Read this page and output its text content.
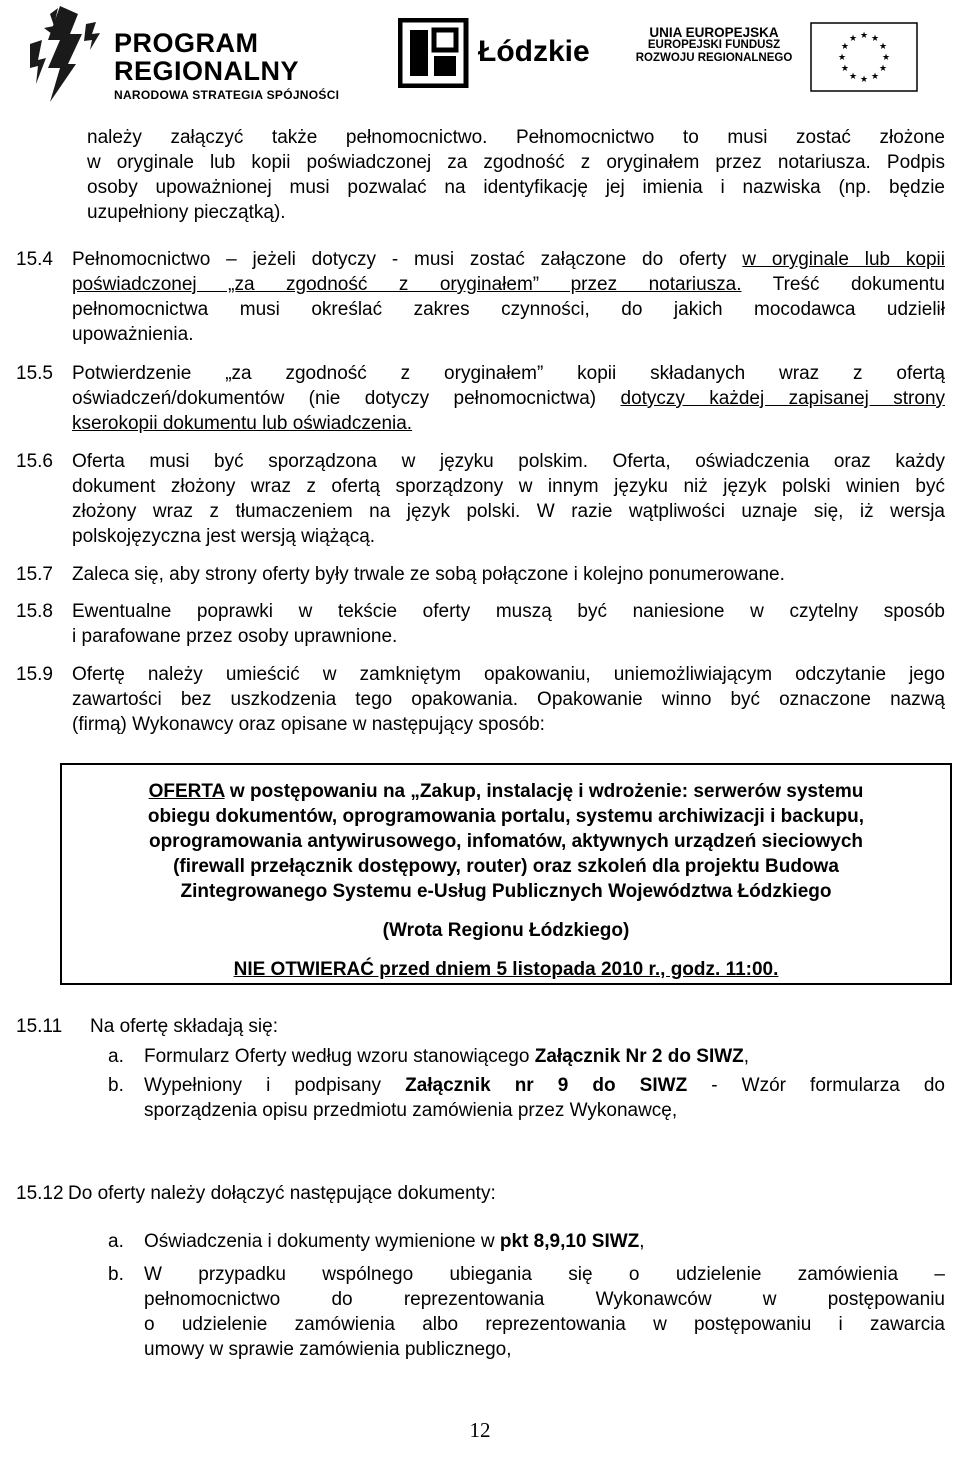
PROGRAM
REGIONALNY
NARODOWA STRATEGIA SPÓJNOŚCI
Łódzkie
UNIA EUROPEJSKA
EUROPEJSKI FUNDUSZ
ROZWOJU REGIONALNEGO
★ ★
★
★
★
★
★
★
★
★
★
★
należy załączyć także pełnomocnictwo. Pełnomocnictwo to musi zostać złożone
w oryginale lub kopii poświadczonej za zgodność z oryginałem przez notariusza. Podpis
osoby upoważnionej musi pozwalać na identyfikację jej imienia i nazwiska (np. będzie
uzupełniony pieczątką).
15.4 Pełnomocnictwo – jeżeli dotyczy - musi zostać załączone do oferty w oryginale lub kopii
poświadczonej „za zgodność z oryginałem” przez notariusza. Treść dokumentu
pełnomocnictwa musi określać zakres czynności, do jakich mocodawca udzielił
upoważnienia.
15.5 Potwierdzenie „za zgodność z oryginałem” kopii składanych wraz z ofertą
oświadczeń/dokumentów (nie dotyczy pełnomocnictwa) dotyczy każdej zapisanej strony
kserokopii dokumentu lub oświadczenia.
15.6 Oferta musi być sporządzona w języku polskim. Oferta, oświadczenia oraz każdy
dokument złożony wraz z ofertą sporządzony w innym języku niż język polski winien być
złożony wraz z tłumaczeniem na język polski. W razie wątpliwości uznaje się, iż wersja
polskojęzyczna jest wersją wiążącą.
15.7 Zaleca się, aby strony oferty były trwale ze sobą połączone i kolejno ponumerowane.
15.8 Ewentualne poprawki w tekście oferty muszą być naniesione w czytelny sposób
i parafowane przez osoby uprawnione.
15.9 Ofertę należy umieścić w zamkniętym opakowaniu, uniemożliwiającym odczytanie jego
zawartości bez uszkodzenia tego opakowania. Opakowanie winno być oznaczone nazwą
(firmą) Wykonawcy oraz opisane w następujący sposób:
OFERTA w postępowaniu na „Zakup, instalację i wdrożenie: serwerów systemu
obiegu dokumentów, oprogramowania portalu, systemu archiwizacji i backupu,
oprogramowania antywirusowego, infomatów, aktywnych urządzeń sieciowych
(firewall przełącznik dostępowy, router) oraz szkoleń dla projektu Budowa
Zintegrowanego Systemu e-Usług Publicznych Województwa Łódzkiego
(Wrota Regionu Łódzkiego)
NIE OTWIERAĆ przed dniem 5 listopada 2010 r., godz. 11:00.
15.11 Na ofertę składają się:
a. Formularz Oferty według wzoru stanowiącego Załącznik Nr 2 do SIWZ,
b. Wypełniony i podpisany Załącznik nr 9 do SIWZ - Wzór formularza do
sporządzenia opisu przedmiotu zamówienia przez Wykonawcę,
15.12 Do oferty należy dołączyć następujące dokumenty:
a. Oświadczenia i dokumenty wymienione w pkt 8,9,10 SIWZ,
b. W przypadku wspólnego ubiegania się o udzielenie zamówienia –
pełnomocnictwo do reprezentowania Wykonawców w postępowaniu
o udzielenie zamówienia albo reprezentowania w postępowaniu i zawarcia
umowy w sprawie zamówienia publicznego,
12
